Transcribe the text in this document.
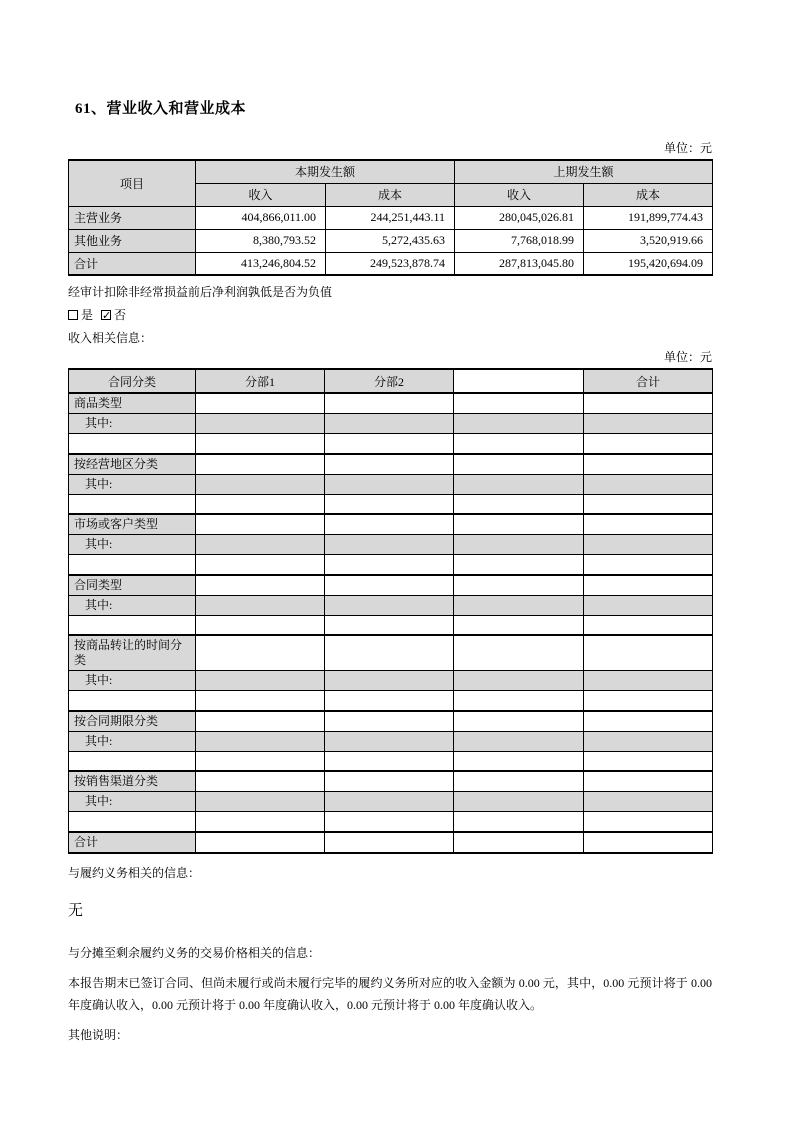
61、营业收入和营业成本
单位：元
项目	本期发生额		上期发生额	
	收入	成本	收入	成本
主营业务	404,866,011.00	244,251,443.11	280,045,026.81	191,899,774.43
其他业务	8,380,793.52	5,272,435.63	7,768,018.99	3,520,919.66
合计	413,246,804.52	249,523,878.74	287,813,045.80	195,420,694.09
经审计扣除非经常损益前后净利润孰低是否为负值
是 ✓ 否
收入相关信息：
单位：元
合同分类	分部1	分部2		合计
商品类型				
其中:				

按经营地区分类				
其中:				

市场或客户类型				
其中:				

合同类型				
其中:				

按商品转让的时间分类				
其中:				

按合同期限分类				
其中:				

按销售渠道分类				
其中:				

合计				
与履约义务相关的信息：
无
与分摊至剩余履约义务的交易价格相关的信息：
本报告期末已签订合同、但尚未履行或尚未履行完毕的履约义务所对应的收入金额为 0.00 元，其中，0.00 元预计将于 0.00 年度确认收入，0.00 元预计将于 0.00 年度确认收入，0.00 元预计将于 0.00 年度确认收入。
其他说明：
